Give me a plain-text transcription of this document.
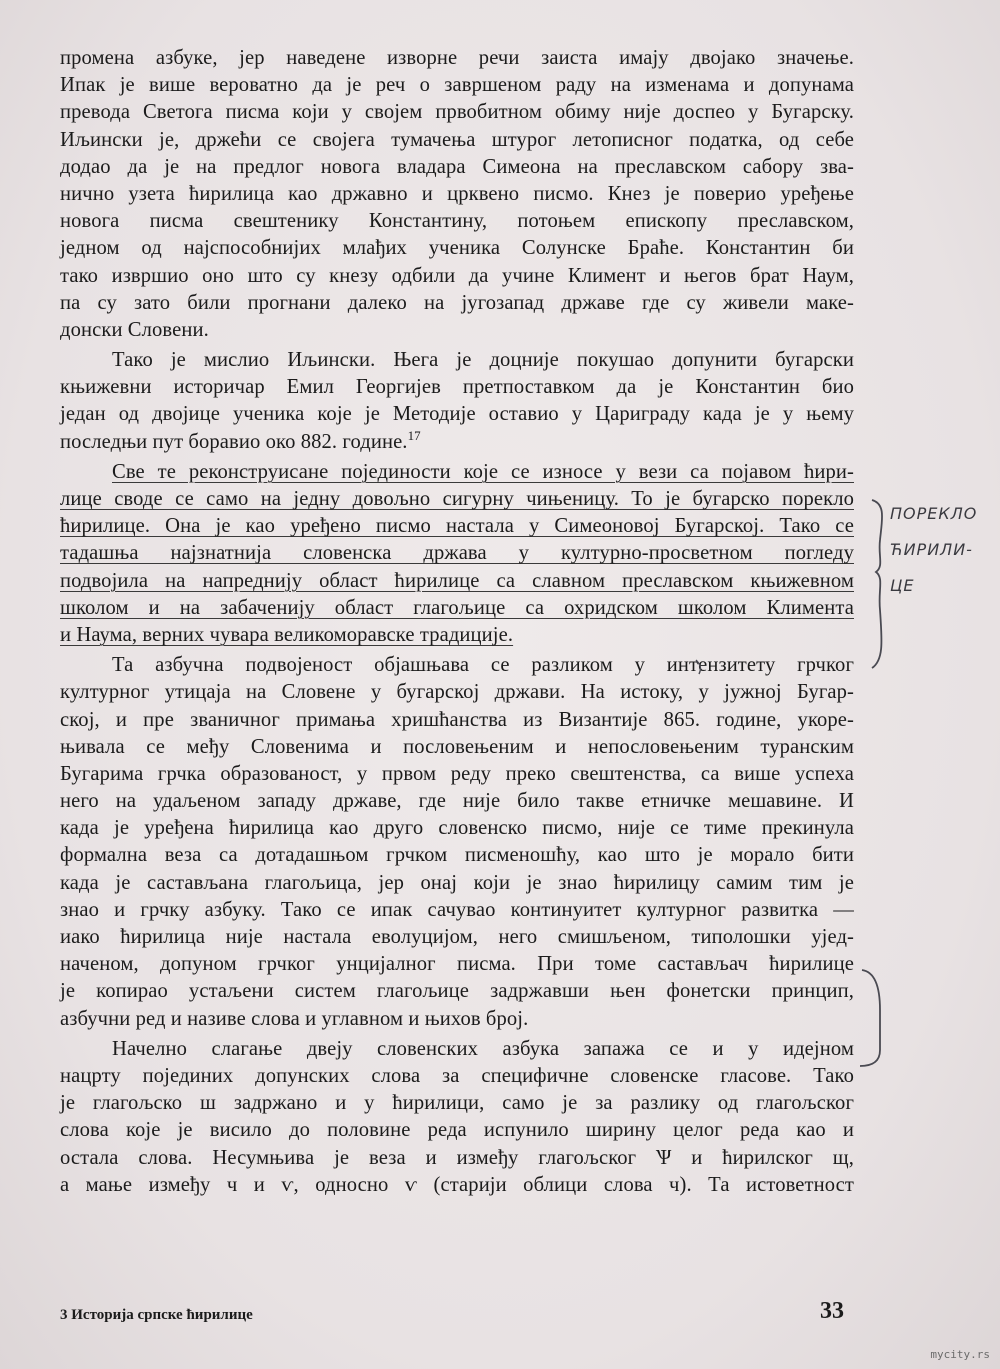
промена азбуке, јер наведене изворне речи заиста имају двојако значење.
Ипак је више вероватно да је реч о завршеном раду на изменама и допунама
превода Светога писма који у својем првобитном обиму није доспео у Бугарску.
Иљински је, држећи се својега тумачења штурог летописног податка, од себе
додао да је на предлог новога владара Симеона на преславском сабору зва-
нично узета ћирилица као државно и црквено писмо. Кнез је поверио уређење
новога писма свештенику Константину, потоњем епископу преславском,
једном од најспособнијих млађих ученика Солунске Браће. Константин би
тако извршио оно што су кнезу одбили да учине Климент и његов брат Наум,
па су зато били прогнани далеко на југозапад државе где су живели маке-
донски Словени.

Тако је мислио Иљински. Њега је доцније покушао допунити бугарски
књижевни историчар Емил Георгијев претпоставком да је Константин био
један од двојице ученика које је Методије оставио у Цариграду када је у њему
последњи пут боравио око 882. године.$^{17}$

Све те реконструисане појединости које се износе у вези са појавом ћири-
лице своде се само на једну довољно сигурну чињеницу. То је бугарско порекло
ћирилице. Она је као уређено писмо настала у Симеоновој Бугарској. Тако се
тадашња најзнатнија словенска држава у културно-просветном погледу
подвојила на напреднију област ћирилице са славном преславском књижевном
школом и на забаченију област глагољице са охридском школом Климента
и Наума, верних чувара великоморавске традиције.

Та азбучна подвојеност објашњава се разликом у интензитету грчког
културног утицаја на Словене у бугарској држави. На истоку, у јужној Бугар-
ској, и пре званичног примања хришћанства из Византије 865. године, укоре-
њивала се међу Словенима и пословењеним и непословењеним туранским
Бугарима грчка образованост, у првом реду преко свештенства, са више успеха
него на удаљеном западу државе, где није било такве етничке мешавине. И
када је уређена ћирилица као друго словенско писмо, није се тиме прекинула
формална веза са дотадашњом грчком писменошћу, као што је морало бити
када је састављана глагољица, јер онај који је знао ћирилицу самим тим је
знао и грчку азбуку. Тако се ипак сачувао континуитет културног развитка —
иако ћирилица није настала еволуцијом, него смишљеном, типолошки ујед-
наченом, допуном грчког унцијалног писма. При томе састављач ћирилице
је копирао устаљени систем глагољице задржавши њен фонетски принцип,
азбучни ред и називе слова и углавном и њихов број.

Начелно слагање двеју словенских азбука запажа се и у идејном
нацрту појединих допунских слова за специфичне словенске гласове. Тако
је глагољско ш задржано и у ћирилици, само је за разлику од глагољског
слова које је висило до половине реда испунило ширину целог реда као и
остала слова. Несумњива је веза и између глагољског Ѱ и ћирилског щ,
а мање између ч и ѵ, односно ѵ (старији облици слова ч). Та истоветност

ПОРЕКЛО
ЋИРИЛИ-
ЦЕ
3 Историја српске ћирилице	33
mycity.rs
